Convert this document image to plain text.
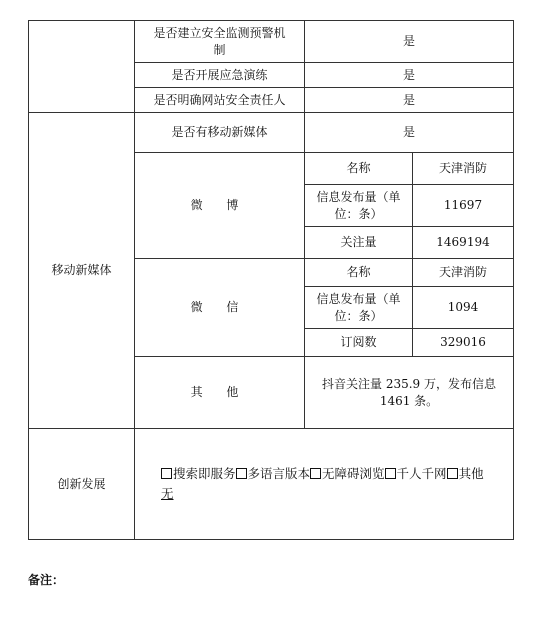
	是否建立安全监测预警机制	是	
	是否开展应急演练	是	
	是否明确网站安全责任人	是	
移动新媒体	是否有移动新媒体	是	
	微 博	名称	天津消防
		信息发布量（单位：条）	11697
		关注量	1469194
	微 信	名称	天津消防
		信息发布量（单位：条）	1094
		订阅数	329016
	其 他	抖音关注量 235.9 万，发布信息 1461 条。	
创新发展	搜索即服务 多语言版本 无障碍浏览 千人千网 其他
无		
备注：
